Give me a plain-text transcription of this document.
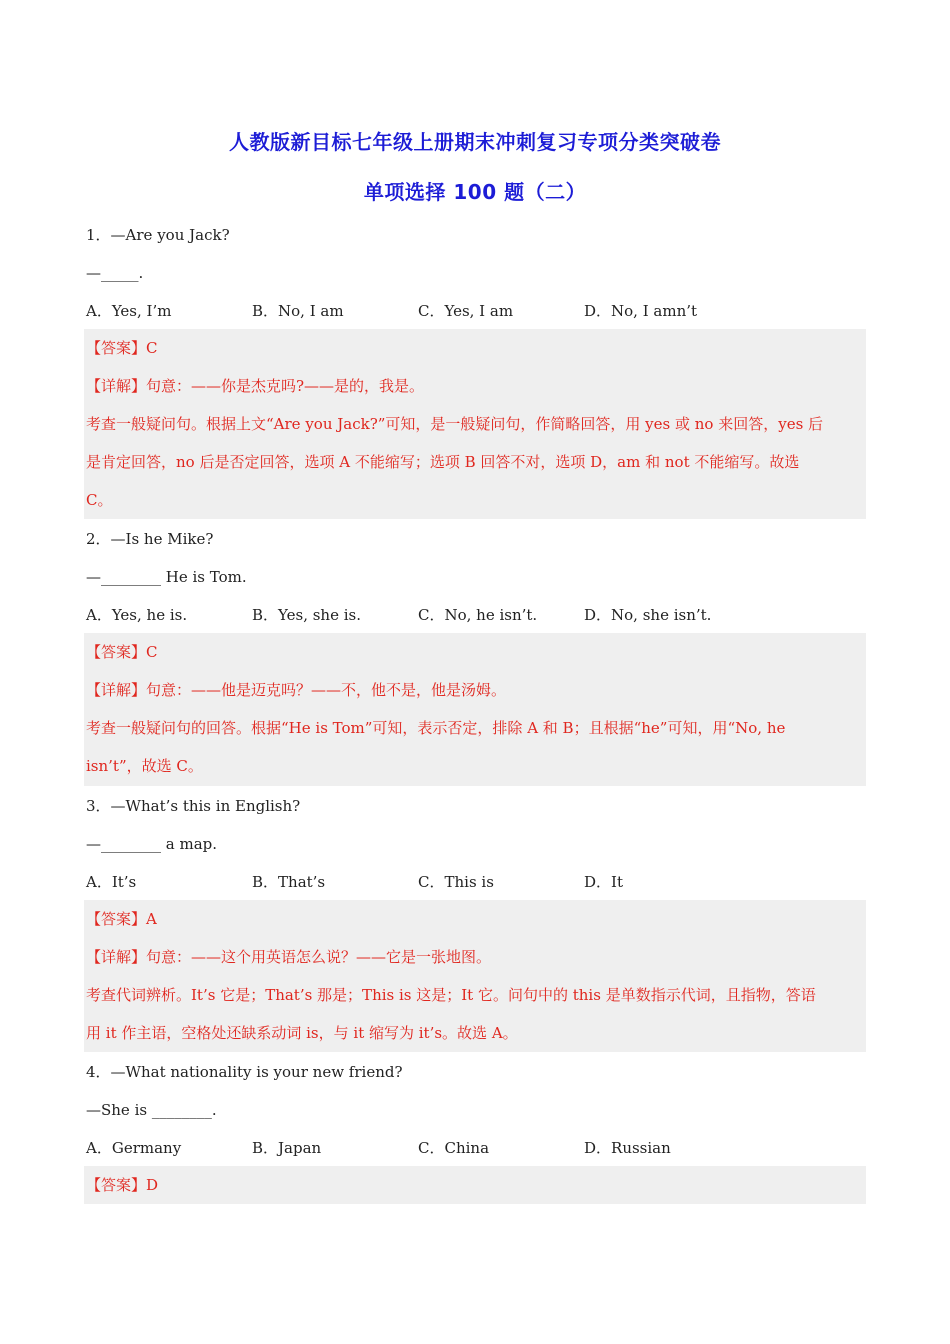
人教版新目标七年级上册期末冲刺复习专项分类突破卷
单项选择 100 题（二）
1．—Are you Jack?
—_____.
A．Yes, I’m	B．No, I am	C．Yes, I am	D．No, I amn’t
【答案】C
【详解】句意：——你是杰克吗?——是的，我是。
考查一般疑问句。根据上文“Are you Jack?”可知，是一般疑问句，作简略回答，用 yes 或 no 来回答，yes 后
是肯定回答，no 后是否定回答，选项 A 不能缩写；选项 B 回答不对，选项 D，am 和 not 不能缩写。故选
C。
2．—Is he Mike?
—________ He is Tom.
A．Yes, he is.	B．Yes, she is.	C．No, he isn’t.	D．No, she isn’t.
【答案】C
【详解】句意：——他是迈克吗？——不，他不是，他是汤姆。
考查一般疑问句的回答。根据“He is Tom”可知，表示否定，排除 A 和 B；且根据“he”可知，用“No, he
isn’t”，故选 C。
3．—What’s this in English?
—________ a map.
A．It’s	B．That’s	C．This is	D．It
【答案】A
【详解】句意：——这个用英语怎么说？——它是一张地图。
考查代词辨析。It’s 它是；That’s 那是；This is 这是；It 它。问句中的 this 是单数指示代词，且指物，答语
用 it 作主语，空格处还缺系动词 is，与 it 缩写为 it’s。故选 A。
4．—What nationality is your new friend?
—She is ________.
A．Germany	B．Japan	C．China	D．Russian
【答案】D
